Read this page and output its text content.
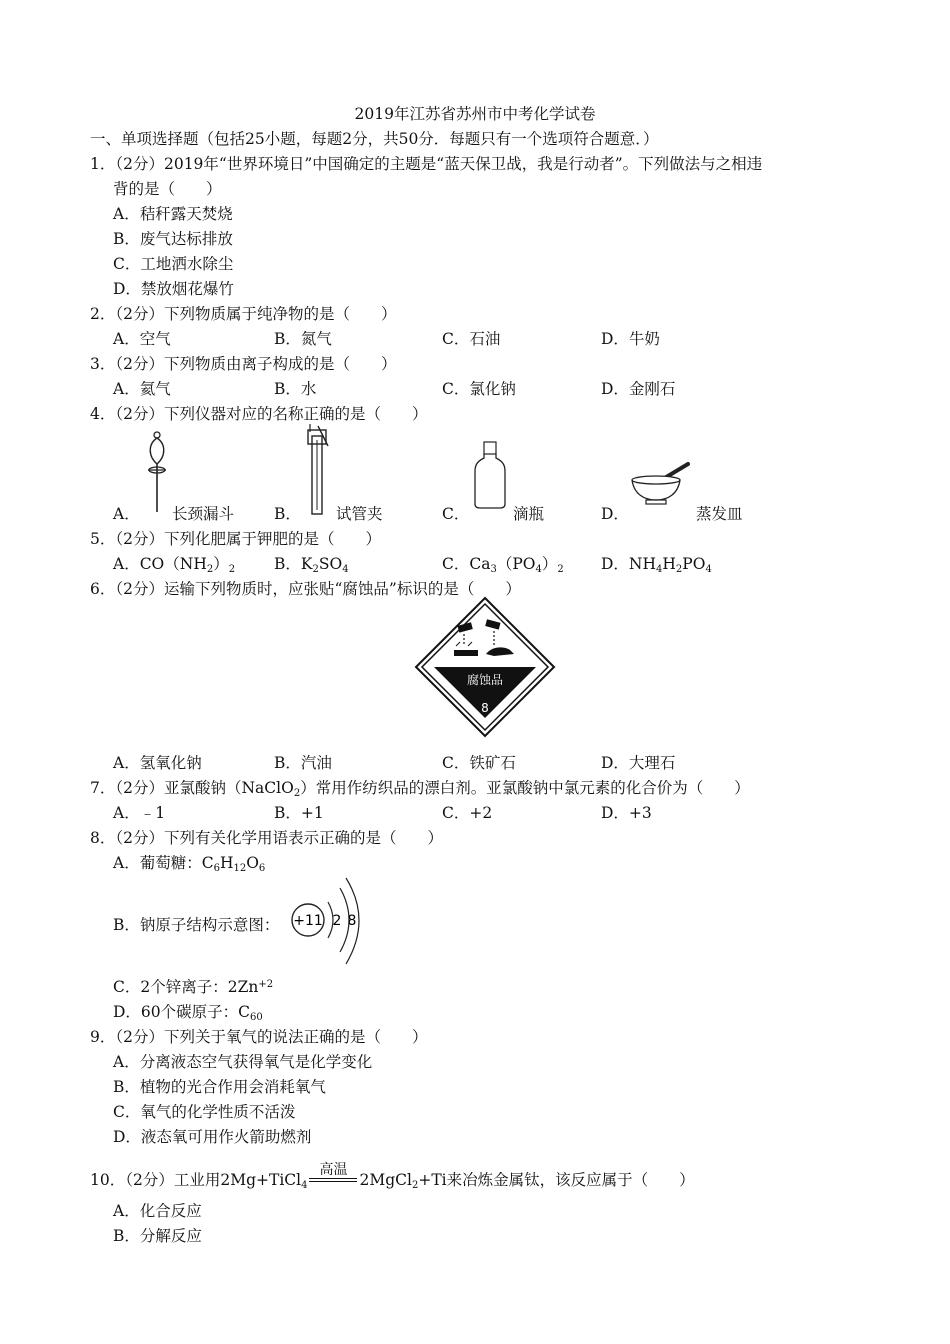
2019年江苏省苏州市中考化学试卷
一、单项选择题（包括25小题，每题2分，共50分．每题只有一个选项符合题意．）
1．（2分）2019年“世界环境日”中国确定的主题是“蓝天保卫战，我是行动者”。下列做法与之相违
背的是（　　）
A．秸秆露天焚烧
B．废气达标排放
C．工地洒水除尘
D．禁放烟花爆竹
2．（2分）下列物质属于纯净物的是（　　）
A．空气	B．氮气	C．石油	D．牛奶
3．（2分）下列物质由离子构成的是（　　）
A．氦气	B．水	C．氯化钠	D．金刚石
4．（2分）下列仪器对应的名称正确的是（　　）
A． 长颈漏斗	B． 试管夹	C．	滴瓶	D．	蒸发皿
5．（2分）下列化肥属于钾肥的是（　　）
A．$CO(NH_2)_2$	B．$K_2SO_4$	C．$Ca_3(PO_4)_2$ D．$NH_4H_2PO_4$
6．（2分）运输下列物质时，应张贴“腐蚀品”标识的是（　　）
腐蚀品
8
A．氢氧化钠	B．汽油	C．铁矿石	D．大理石
7．（2分）亚氯酸钠（NaClO$_2$）常用作纺织品的漂白剂。亚氯酸钠中氯元素的化合价为（　　）
A．﹣1	B．+1	C．+2	D．+3
8．（2分）下列有关化学用语表示正确的是（　　）
A．葡萄糖：$C_6H_{12}O_6$
B．钠原子结构示意图： +11 2 8
C．2个锌离子：$2Zn^{+2}$
D．60个碳原子：$C_{60}$
9．（2分）下列关于氧气的说法正确的是（　　）
A．分离液态空气获得氧气是化学变化
B．植物的光合作用会消耗氧气
C．氧气的化学性质不活泼
D．液态氧可用作火箭助燃剂
10．（2分）工业用2Mg+TiCl$_4$
高温
2MgCl$_2$+Ti来冶炼金属钛，该反应属于（　　）
A．化合反应
B．分解反应
